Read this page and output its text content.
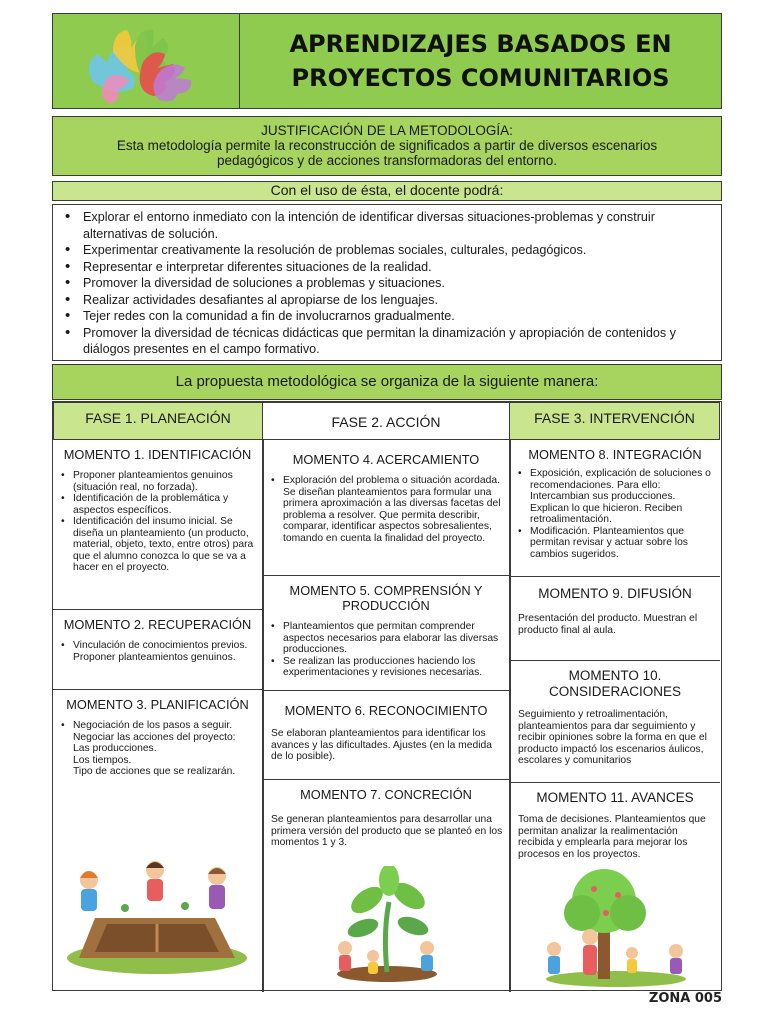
APRENDIZAJES BASADOS EN
PROYECTOS COMUNITARIOS
JUSTIFICACIÓN DE LA METODOLOGÍA:
Esta metodología permite la reconstrucción de significados a partir de diversos escenarios
pedagógicos y de acciones transformadoras del entorno.
Con el uso de ésta, el docente podrá:
• Explorar el entorno inmediato con la intención de identificar diversas situaciones-problemas y construir alternativas de solución.
• Experimentar creativamente la resolución de problemas sociales, culturales, pedagógicos.
• Representar e interpretar diferentes situaciones de la realidad.
• Promover la diversidad de soluciones a problemas y situaciones.
• Realizar actividades desafiantes al apropiarse de los lenguajes.
• Tejer redes con la comunidad a fin de involucrarnos gradualmente.
• Promover la diversidad de técnicas didácticas que permitan la dinamización y apropiación de contenidos y diálogos presentes en el campo formativo.
La propuesta metodológica se organiza de la siguiente manera:
FASE 1. PLANEACIÓN	FASE 2. ACCIÓN	FASE 3. INTERVENCIÓN
MOMENTO 1. IDENTIFICACIÓN
• Proponer planteamientos genuinos (situación real, no forzada).
• Identificación de la problemática y aspectos específicos.
• Identificación del insumo inicial. Se diseña un planteamiento (un producto, material, objeto, texto, entre otros) para que el alumno conozca lo que se va a hacer en el proyecto.
MOMENTO 2. RECUPERACIÓN
• Vinculación de conocimientos previos. Proponer planteamientos genuinos.
MOMENTO 3. PLANIFICACIÓN
• Negociación de los pasos a seguir. Negociar las acciones del proyecto:
Las producciones.
Los tiempos.
Tipo de acciones que se realizarán.
MOMENTO 4. ACERCAMIENTO
• Exploración del problema o situación acordada. Se diseñan planteamientos para formular una primera aproximación a las diversas facetas del problema a resolver. Que permita describir, comparar, identificar aspectos sobresalientes, tomando en cuenta la finalidad del proyecto.
MOMENTO 5. COMPRENSIÓN Y
PRODUCCIÓN
• Planteamientos que permitan comprender aspectos necesarios para elaborar las diversas producciones.
• Se realizan las producciones haciendo los experimentaciones y revisiones necesarias.
MOMENTO 6. RECONOCIMIENTO
Se elaboran planteamientos para identificar los avances y las dificultades. Ajustes (en la medida de lo posible).
MOMENTO 7. CONCRECIÓN
Se generan planteamientos para desarrollar una primera versión del producto que se planteó en los momentos 1 y 3.
MOMENTO 8. INTEGRACIÓN
• Exposición, explicación de soluciones o recomendaciones. Para ello: Intercambian sus producciones. Explican lo que hicieron. Reciben retroalimentación.
• Modificación. Planteamientos que permitan revisar y actuar sobre los cambios sugeridos.
MOMENTO 9. DIFUSIÓN
Presentación del producto. Muestran el producto final al aula.
MOMENTO 10.
CONSIDERACIONES
Seguimiento y retroalimentación, planteamientos para dar seguimiento y recibir opiniones sobre la forma en que el producto impactó los escenarios áulicos, escolares y comunitarios
MOMENTO 11. AVANCES
Toma de decisiones. Planteamientos que permitan analizar la realimentación recibida y emplearla para mejorar los procesos en los proyectos.
ZONA 005
